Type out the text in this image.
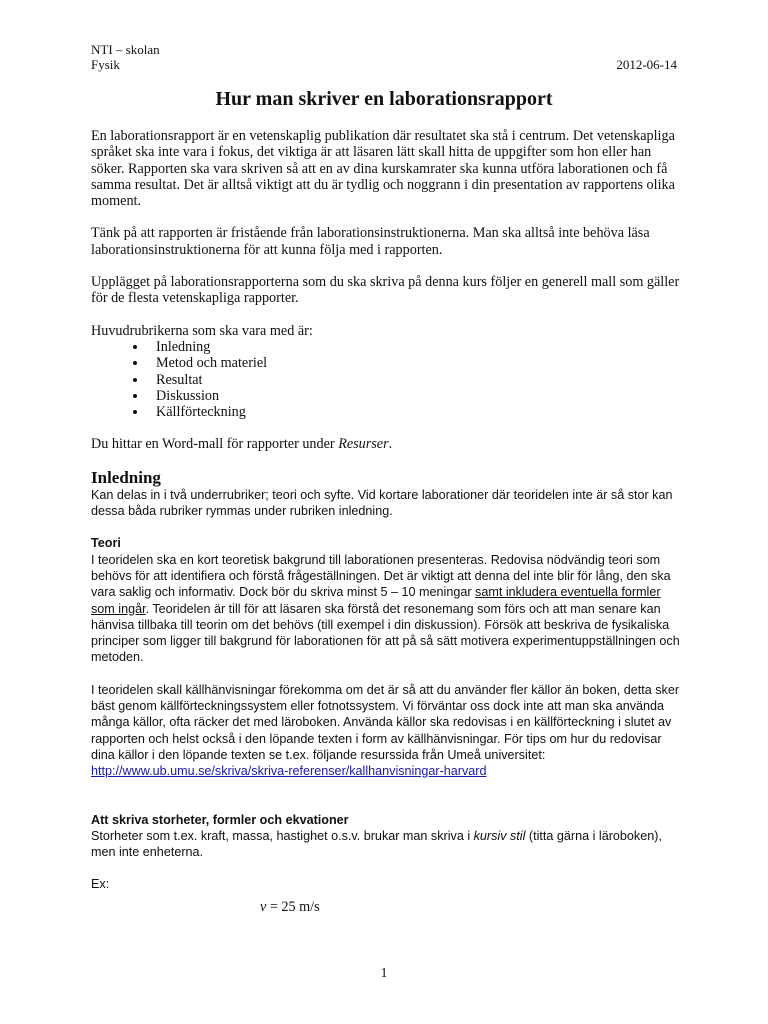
NTI – skolan
Fysik	2012-06-14
Hur man skriver en laborationsrapport

En laborationsrapport är en vetenskaplig publikation där resultatet ska stå i centrum. Det vetenskapliga språket ska inte vara i fokus, det viktiga är att läsaren lätt skall hitta de uppgifter som hon eller han söker. Rapporten ska vara skriven så att en av dina kurskamrater ska kunna utföra laborationen och få samma resultat. Det är alltså viktigt att du är tydlig och noggrann i din presentation av rapportens olika moment.

Tänk på att rapporten är fristående från laborationsinstruktionerna. Man ska alltså inte behöva läsa laborationsinstruktionerna för att kunna följa med i rapporten.

Upplägget på laborationsrapporterna som du ska skriva på denna kurs följer en generell mall som gäller för de flesta vetenskapliga rapporter.

Huvudrubrikerna som ska vara med är:

• Inledning
• Metod och materiel
• Resultat
• Diskussion
• Källförteckning

Du hittar en Word-mall för rapporter under Resurser.

Inledning

Kan delas in i två underrubriker; teori och syfte. Vid kortare laborationer där teoridelen inte är så stor kan dessa båda rubriker rymmas under rubriken inledning.

Teori

I teoridelen ska en kort teoretisk bakgrund till laborationen presenteras. Redovisa nödvändig teori som behövs för att identifiera och förstå frågeställningen. Det är viktigt att denna del inte blir för lång, den ska vara saklig och informativ. Dock bör du skriva minst 5 – 10 meningar samt inkludera eventuella formler som ingår. Teoridelen är till för att läsaren ska förstå det resonemang som förs och att man senare kan hänvisa tillbaka till teorin om det behövs (till exempel i din diskussion). Försök att beskriva de fysikaliska principer som ligger till bakgrund för laborationen för att på så sätt motivera experimentuppställningen och metoden.

I teoridelen skall källhänvisningar förekomma om det är så att du använder fler källor än boken, detta sker bäst genom källförteckningssystem eller fotnotssystem. Vi förväntar oss dock inte att man ska använda många källor, ofta räcker det med läroboken. Använda källor ska redovisas i en källförteckning i slutet av rapporten och helst också i den löpande texten i form av källhänvisningar. För tips om hur du redovisar dina källor i den löpande texten se t.ex. följande resurssida från Umeå universitet:

http://www.ub.umu.se/skriva/skriva-referenser/kallhanvisningar-harvard

Att skriva storheter, formler och ekvationer

Storheter som t.ex. kraft, massa, hastighet o.s.v. brukar man skriva i kursiv stil (titta gärna i läroboken), men inte enheterna.

Ex:

v = 25 m/s

1
